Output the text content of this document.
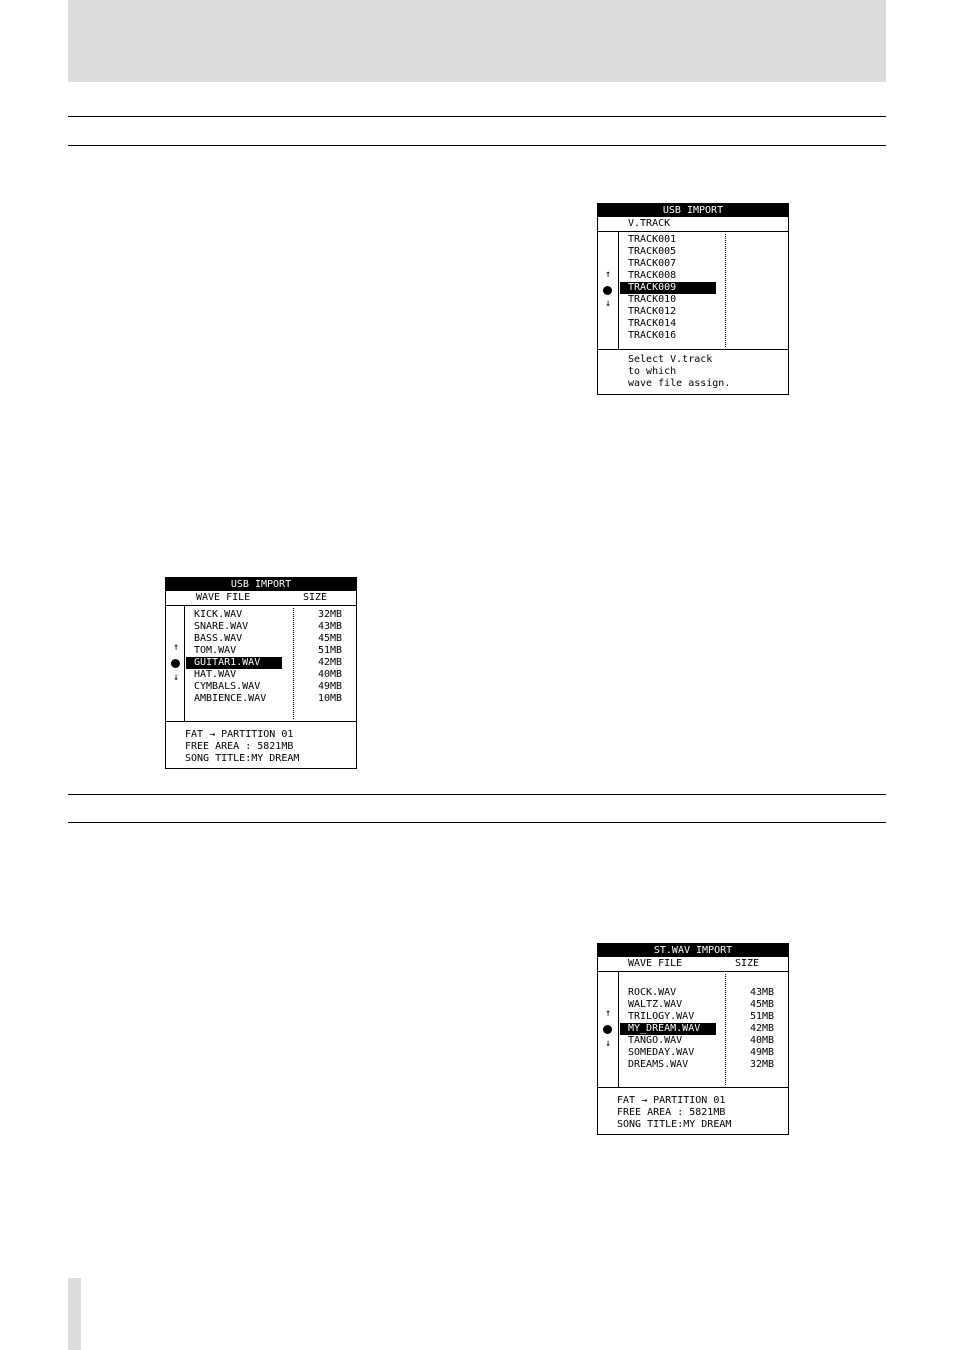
USB IMPORT
V.TRACK
↑
↓
TRACK001
TRACK005
TRACK007
TRACK008
TRACK009
TRACK010
TRACK012
TRACK014
TRACK016
Select V.track
to which
wave file assign.
USB IMPORT
WAVE FILE	SIZE
↑
↓
KICK.WAV
SNARE.WAV
BASS.WAV
TOM.WAV
GUITAR1.WAV
HAT.WAV
CYMBALS.WAV
AMBIENCE.WAV
32MB
43MB
45MB
51MB
42MB
40MB
49MB
10MB
FAT → PARTITION 01
FREE AREA : 5821MB
SONG TITLE:MY DREAM
ST.WAV IMPORT
WAVE FILE	SIZE
↑
↓
ROCK.WAV
WALTZ.WAV
TRILOGY.WAV
MY_DREAM.WAV
TANGO.WAV
SOMEDAY.WAV
DREAMS.WAV
43MB
45MB
51MB
42MB
40MB
49MB
32MB
FAT → PARTITION 01
FREE AREA : 5821MB
SONG TITLE:MY DREAM
